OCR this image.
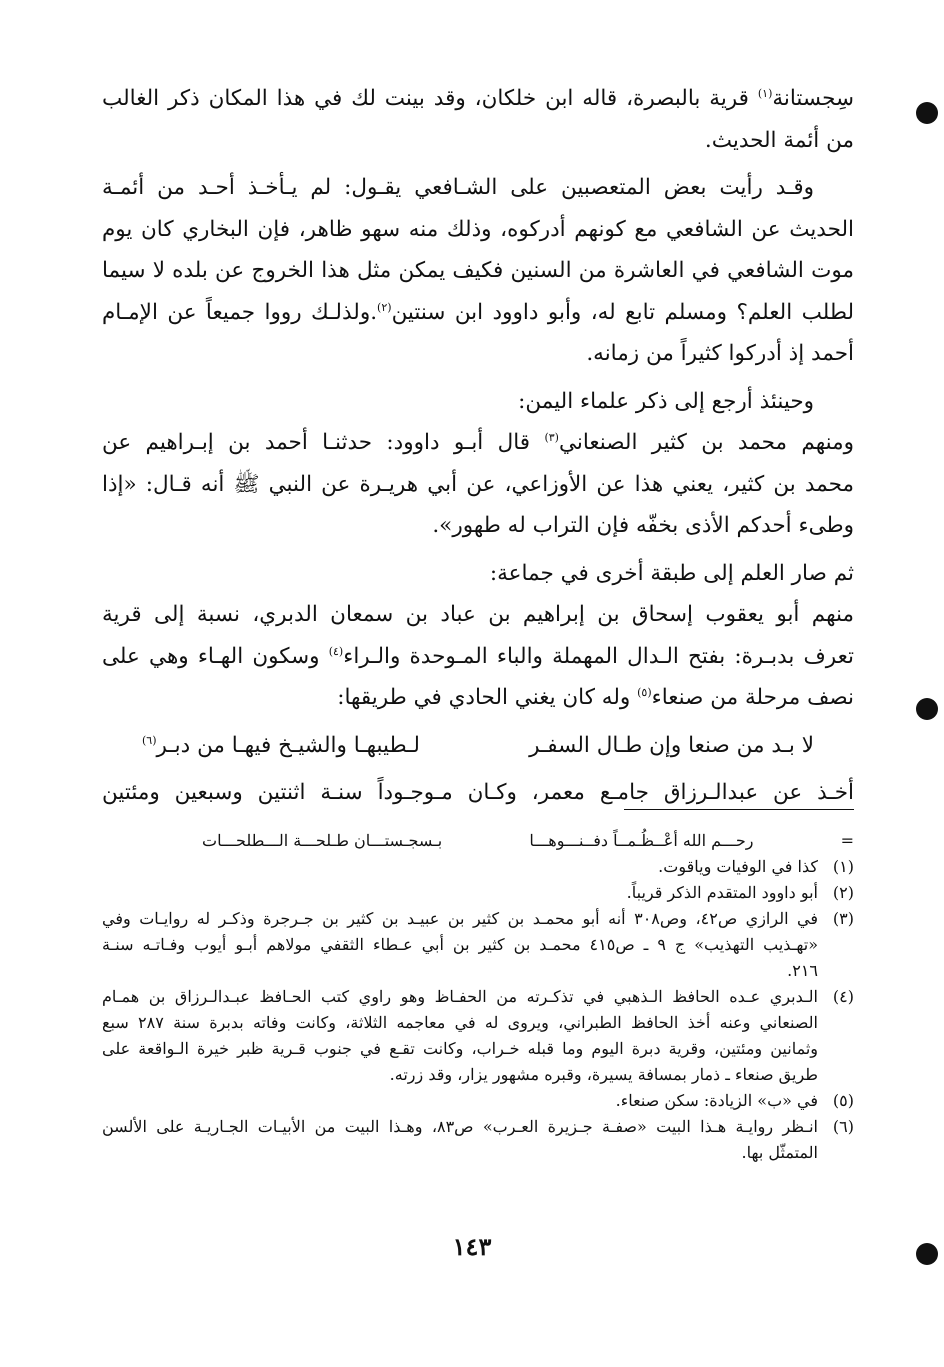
سِجستانة$^{(١)}$ قرية بالبصرة، قاله ابن خلكان، وقد بينت لك في هذا المكان ذكر الغالب
من أئمة الحديث.
وقـد رأيت بعض المتعصبين على الشـافعي يقـول: لم يـأخـذ أحـد من أئمـة
الحديث عن الشافعي مع كونهم أدركوه، وذلك منه سهو ظاهر، فإن البخاري كان يوم
موت الشافعي في العاشرة من السنين فكيف يمكن مثل هذا الخروج عن بلده لا سيما
لطلب العلم؟ ومسلم تابع له، وأبو داوود ابن سنتين$^{(٢)}$.ولذلـك رووا جميعاً عن الإمـام
أحمد إذ أدركوا كثيراً من زمانه.
وحينئذ أرجع إلى ذكر علماء اليمن:
ومنهم محمد بن كثير الصنعاني$^{(٣)}$ قال أبـو داوود: حدثنـا أحمد بن إبـراهيم عن
محمد بن كثير، يعني هذا عن الأوزاعي، عن أبي هريـرة عن النبي ﷺ أنه قـال: «إذا
وطىء أحدكم الأذى بخفّه فإن التراب له طهور».
ثم صار العلم إلى طبقة أخرى في جماعة:
منهم أبو يعقوب إسحاق بن إبراهيم بن عباد بن سمعان الدبري، نسبة إلى قرية
تعرف بدبـرة: بفتح الـدال المهملة والباء المـوحدة والـراء$^{(٤)}$ وسكون الهـاء وهي على
نصف مرحلة من صنعاء$^{(٥)}$ وله كان يغني الحادي في طريقها:
لا بـد من صنعا وإن طـال السفـر
لـطيبهـا والشيـخ فيهـا من دبـر$^{(٦)}$
أخـذ عن عبدالـرزاق جامـع معمر، وكـان مـوجـوداً سنـة اثنتين وسبعين ومئتين
=
رحـــم الله أعْــظُـمــاً دفــنـــوهـــا
بـسجـستـــان طـلحـــة الـــطلحـــات
(١)كذا في الوفيات وياقوت.
(٢)أبو داوود المتقدم الذكر قريباً.
(٣)في الرازي ص٤٢، وص٣٠٨ أنه أبو محمـد بن كثير بن عبيـد بن كثير بن جـرجرة وذكـر له روايـات وفي
«تهـذيب التهذيب» ج ٩ ـ ص٤١٥ محمـد بن كثير بن أبي عـطاء الثقفي مولاهم أبـو أيوب وفـاتـه سنـة
٢١٦.
(٤)الـدبري عـده الحافظ الـذهبي في تذكـرته من الحفـاظ وهو راوي كتب الحـافظ عبـدالـرزاق بن همـام
الصنعاني وعنه أخذ الحافظ الطبراني، ويروى له في معاجمه الثلاثة، وكانت وفاته بدبرة سنة ٢٨٧ سبع
وثمانين ومئتين، وقرية دبرة اليوم وما قبله خـراب، وكانت تقـع في جنوب قـرية ظبر خيرة الـواقعة على
طريق صنعاء ـ ذمار بمسافة يسيرة، وقبره مشهور يزار، وقد زرته.
(٥)في «ب» الزيادة: سكن صنعاء.
(٦)انـظر روايـة هـذا البيت «صفـة جـزيرة العـرب» ص٨٣، وهـذا البيت من الأبيـات الجـاريـة على الألسن
المتمثّل بها.
١٤٣
